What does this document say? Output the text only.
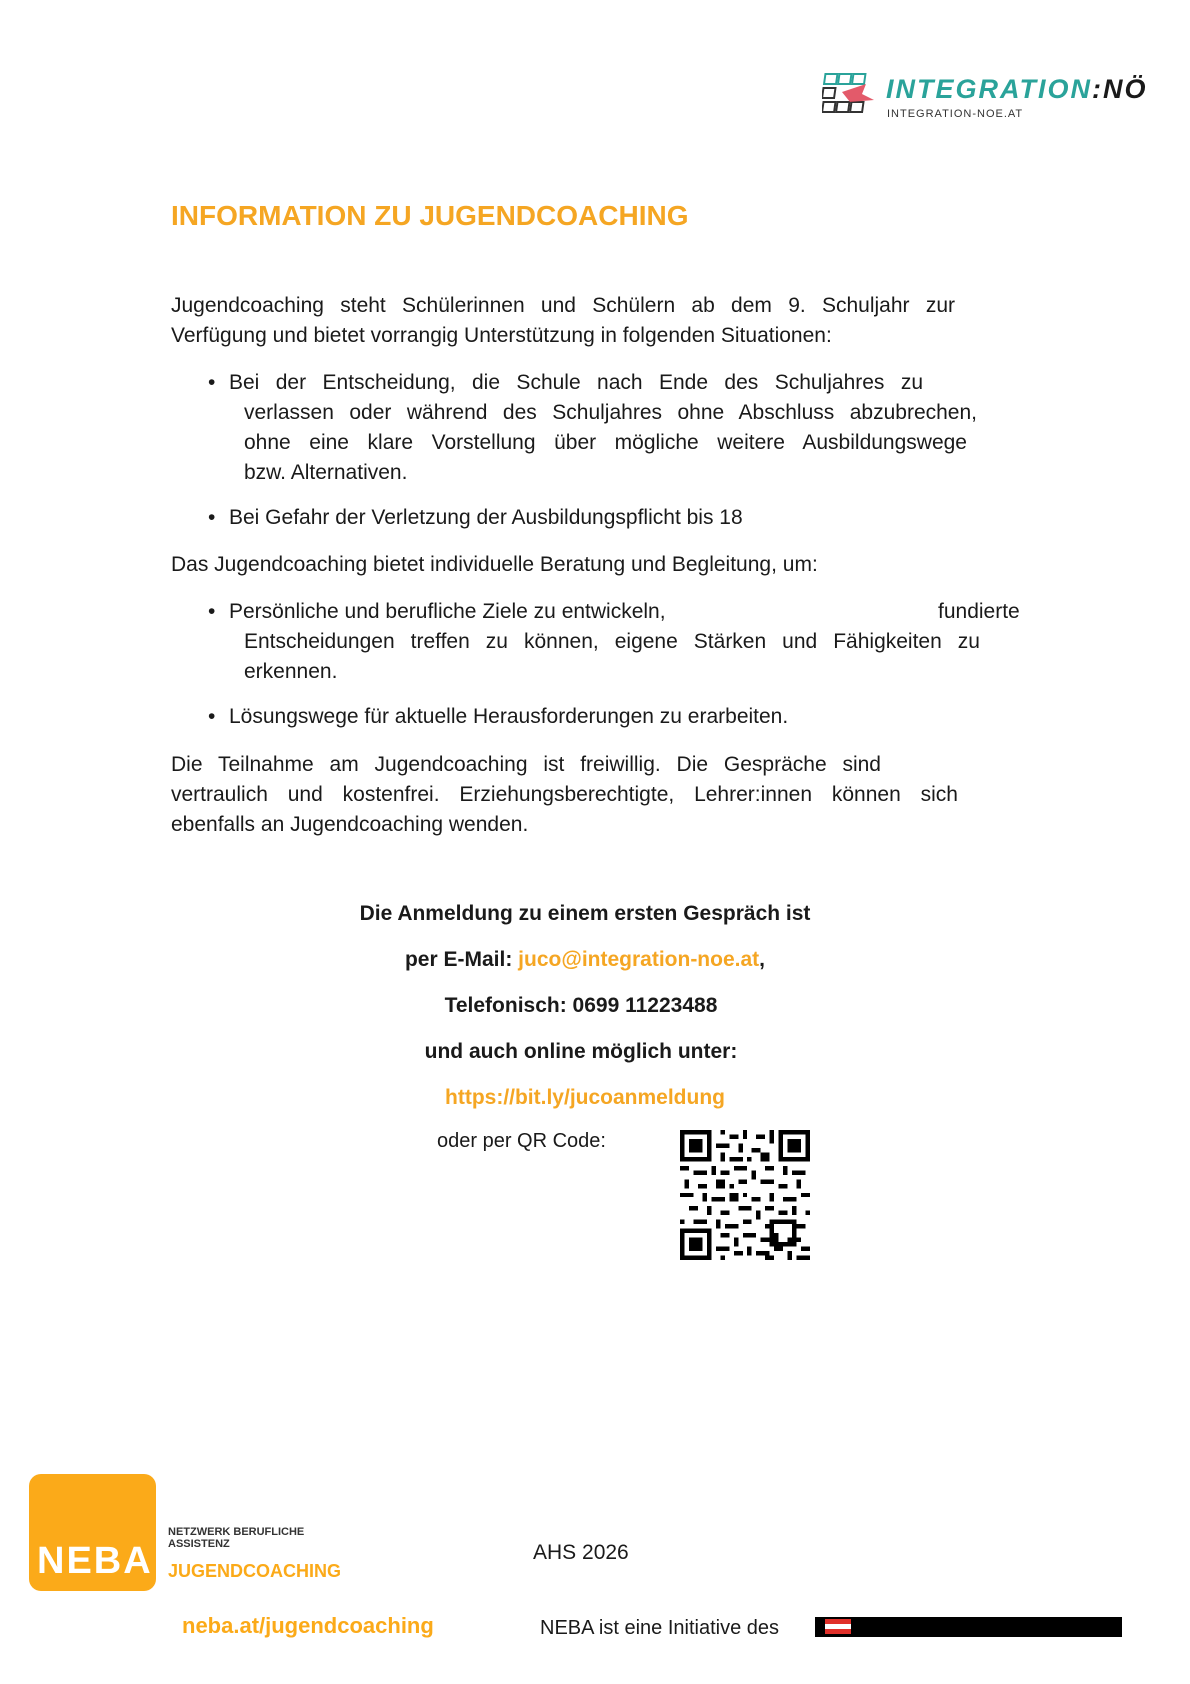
INTEGRATION:NÖ
INTEGRATION-NOE.AT
INFORMATION ZU JUGENDCOACHING
Jugendcoaching steht Schülerinnen und Schülern ab dem 9. Schuljahr zur
Verfügung und bietet vorrangig Unterstützung in folgenden Situationen:
• Bei der Entscheidung, die Schule nach Ende des Schuljahres zu
verlassen oder während des Schuljahres ohne Abschluss abzubrechen,
ohne eine klare Vorstellung über mögliche weitere Ausbildungswege
bzw. Alternativen.
• Bei Gefahr der Verletzung der Ausbildungspflicht bis 18
Das Jugendcoaching bietet individuelle Beratung und Begleitung, um:
• Persönliche und berufliche Ziele zu entwickeln,	fundierte
Entscheidungen treffen zu können, eigene Stärken und Fähigkeiten zu
erkennen.
• Lösungswege für aktuelle Herausforderungen zu erarbeiten.
Die Teilnahme am Jugendcoaching ist freiwillig. Die Gespräche sind
vertraulich und kostenfrei. Erziehungsberechtigte, Lehrer:innen können sich
ebenfalls an Jugendcoaching wenden.
Die Anmeldung zu einem ersten Gespräch ist
per E-Mail: juco@integration-noe.at,
Telefonisch: 0699 11223488
und auch online möglich unter:
https://bit.ly/jucoanmeldung
oder per QR Code:
NEBA
NETZWERK BERUFLICHE
ASSISTENZ
JUGENDCOACHING
AHS 2026
neba.at/jugendcoaching	NEBA ist eine Initiative des
